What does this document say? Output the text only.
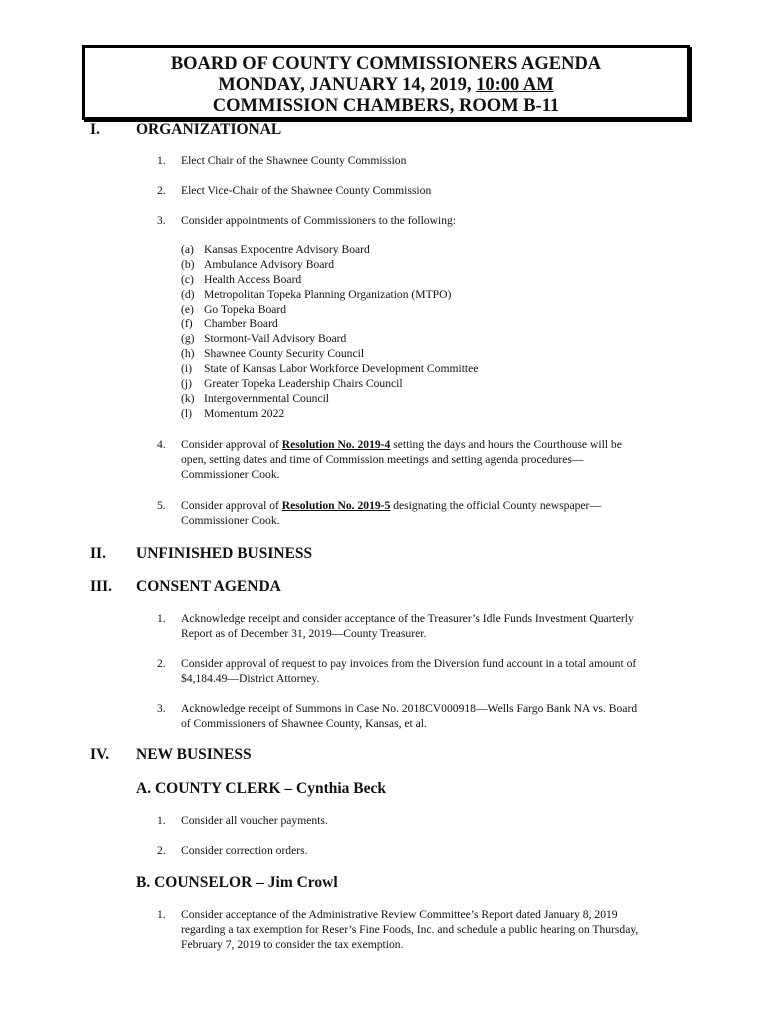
BOARD OF COUNTY COMMISSIONERS AGENDA
MONDAY, JANUARY 14, 2019, 10:00 AM
COMMISSION CHAMBERS, ROOM B-11
I.	ORGANIZATIONAL
1. Elect Chair of the Shawnee County Commission
2. Elect Vice-Chair of the Shawnee County Commission
3. Consider appointments of Commissioners to the following:
(a) Kansas Expocentre Advisory Board
(b) Ambulance Advisory Board
(c) Health Access Board
(d) Metropolitan Topeka Planning Organization (MTPO)
(e) Go Topeka Board
(f) Chamber Board
(g) Stormont-Vail Advisory Board
(h) Shawnee County Security Council
(i) State of Kansas Labor Workforce Development Committee
(j) Greater Topeka Leadership Chairs Council
(k) Intergovernmental Council
(l) Momentum 2022
4. Consider approval of Resolution No. 2019-4 setting the days and hours the Courthouse will be
open, setting dates and time of Commission meetings and setting agenda procedures—
Commissioner Cook.
5. Consider approval of Resolution No. 2019-5 designating the official County newspaper—
Commissioner Cook.
II.	UNFINISHED BUSINESS
III.	CONSENT AGENDA
1. Acknowledge receipt and consider acceptance of the Treasurer’s Idle Funds Investment Quarterly
Report as of December 31, 2019—County Treasurer.
2. Consider approval of request to pay invoices from the Diversion fund account in a total amount of
$4,184.49—District Attorney.
3. Acknowledge receipt of Summons in Case No. 2018CV000918—Wells Fargo Bank NA vs. Board
of Commissioners of Shawnee County, Kansas, et al.
IV.	NEW BUSINESS
A. COUNTY CLERK – Cynthia Beck
1. Consider all voucher payments.
2. Consider correction orders.
B. COUNSELOR – Jim Crowl
1. Consider acceptance of the Administrative Review Committee’s Report dated January 8, 2019
regarding a tax exemption for Reser’s Fine Foods, Inc. and schedule a public hearing on Thursday,
February 7, 2019 to consider the tax exemption.
